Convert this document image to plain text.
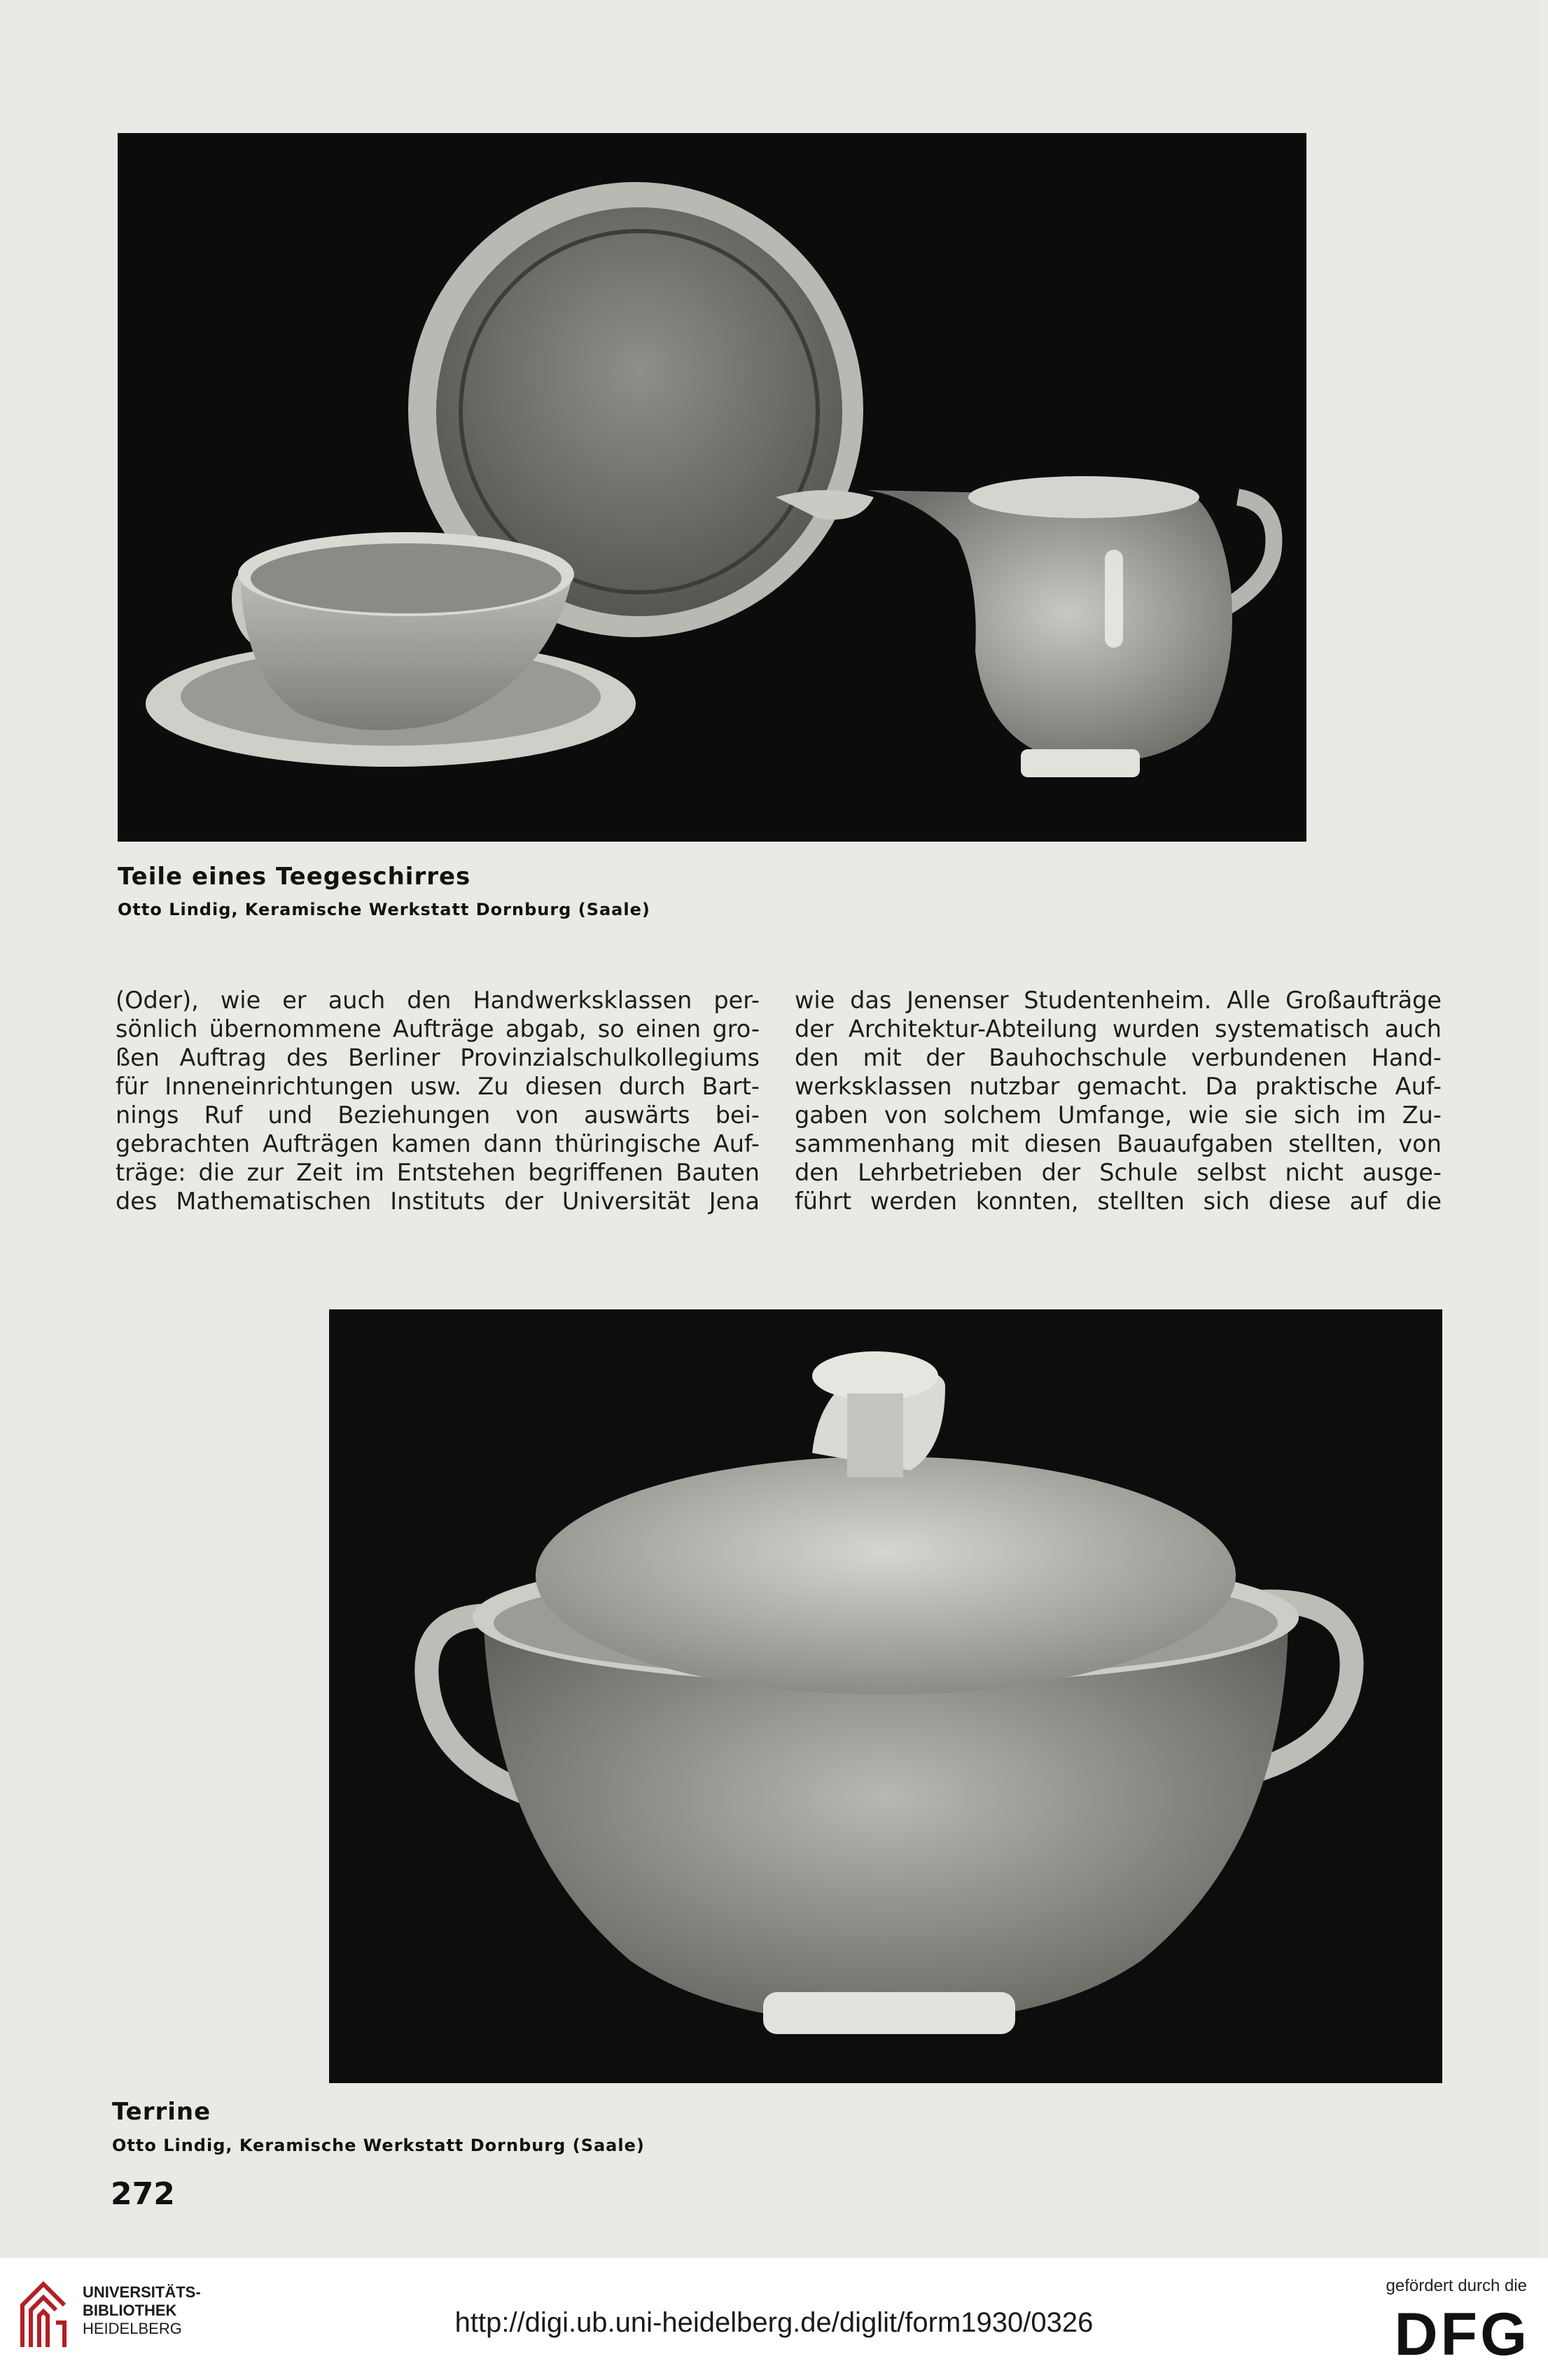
Teile eines Teegeschirres
Otto Lindig, Keramische Werkstatt Dornburg (Saale)
(Oder), wie er auch den Handwerksklassen per-
sönlich übernommene Aufträge abgab, so einen gro-
ßen Auftrag des Berliner Provinzialschulkollegiums
für Inneneinrichtungen usw. Zu diesen durch Bart-
nings Ruf und Beziehungen von auswärts bei-
gebrachten Aufträgen kamen dann thüringische Auf-
träge: die zur Zeit im Entstehen begriffenen Bauten
des Mathematischen Instituts der Universität Jena
wie das Jenenser Studentenheim. Alle Großaufträge
der Architektur-Abteilung wurden systematisch auch
den mit der Bauhochschule verbundenen Hand-
werksklassen nutzbar gemacht. Da praktische Auf-
gaben von solchem Umfange, wie sie sich im Zu-
sammenhang mit diesen Bauaufgaben stellten, von
den Lehrbetrieben der Schule selbst nicht ausge-
führt werden konnten, stellten sich diese auf die
Terrine
Otto Lindig, Keramische Werkstatt Dornburg (Saale)
272
UNIVERSITÄTS-
BIBLIOTHEK
HEIDELBERG	http://digi.ub.uni-heidelberg.de/diglit/form1930/0326
gefördert durch die
DFG
